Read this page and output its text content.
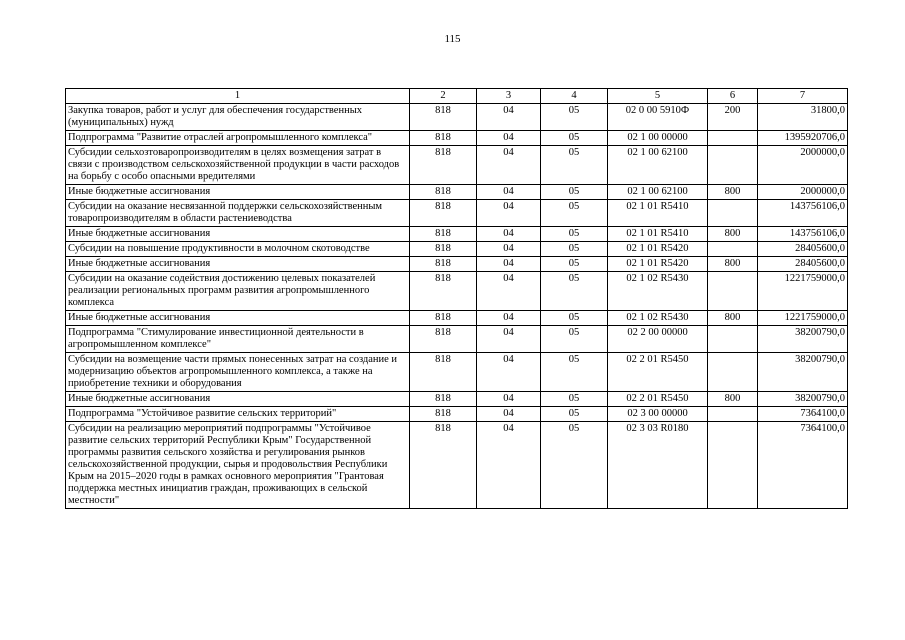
115
1	2	3	4	5	6	7
Закупка товаров, работ и услуг для обеспечения государственных (муниципальных) нужд	818	04	05	02 0 00 5910Ф	200	31800,0
Подпрограмма "Развитие отраслей агропромышленного комплекса"	818	04	05	02 1 00 00000		1395920706,0
Субсидии сельхозтоваропроизводителям в целях возмещения затрат в связи с производством сельскохозяйственной продукции в части расходов на борьбу с особо опасными вредителями	818	04	05	02 1 00 62100		2000000,0
Иные бюджетные ассигнования	818	04	05	02 1 00 62100	800	2000000,0
Субсидии на оказание несвязанной поддержки сельскохозяйственным товаропроизводителям в области растениеводства	818	04	05	02 1 01 R5410		143756106,0
Иные бюджетные ассигнования	818	04	05	02 1 01 R5410	800	143756106,0
Субсидии на повышение продуктивности в молочном скотоводстве	818	04	05	02 1 01 R5420		28405600,0
Иные бюджетные ассигнования	818	04	05	02 1 01 R5420	800	28405600,0
Субсидии на оказание содействия достижению целевых показателей реализации региональных программ развития агропромышленного комплекса	818	04	05	02 1 02 R5430		1221759000,0
Иные бюджетные ассигнования	818	04	05	02 1 02 R5430	800	1221759000,0
Подпрограмма "Стимулирование инвестиционной деятельности в агропромышленном комплексе"	818	04	05	02 2 00 00000		38200790,0
Субсидии на возмещение части прямых понесенных затрат на создание и модернизацию объектов агропромышленного комплекса, а также на приобретение техники и оборудования	818	04	05	02 2 01 R5450		38200790,0
Иные бюджетные ассигнования	818	04	05	02 2 01 R5450	800	38200790,0
Подпрограмма "Устойчивое развитие сельских территорий"	818	04	05	02 3 00 00000		7364100,0
Субсидии на реализацию мероприятий подпрограммы "Устойчивое развитие сельских территорий Республики Крым" Государственной программы развития сельского хозяйства и регулирования рынков сельскохозяйственной продукции, сырья и продовольствия Республики Крым на 2015–2020 годы в рамках основного мероприятия "Грантовая поддержка местных инициатив граждан, проживающих в сельской местности"	818	04	05	02 3 03 R0180		7364100,0
